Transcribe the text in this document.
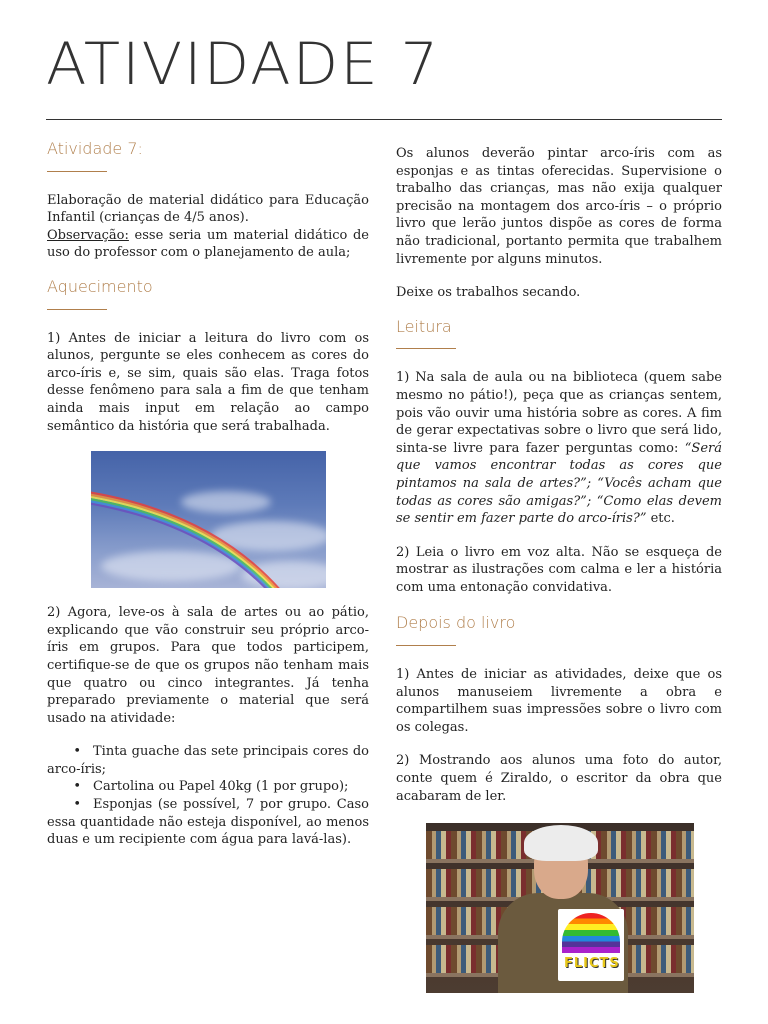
ATIVIDADE 7
Atividade 7:

Elaboração de material didático para Educação Infantil (crianças de 4/5 anos).

Observação: esse seria um material didático de uso do professor com o planejamento de aula;

Aquecimento

1) Antes de iniciar a leitura do livro com os alunos, pergunte se eles conhecem as cores do arco-íris e, se sim, quais são elas. Traga fotos desse fenômeno para sala a fim de que tenham ainda mais input em relação ao campo semântico da história que será trabalhada.

2) Agora, leve-os à sala de artes ou ao pátio, explicando que vão construir seu próprio arco-íris em grupos. Para que todos participem, certifique-se de que os grupos não tenham mais que quatro ou cinco integrantes. Já tenha preparado previamente o material que será usado na atividade:

• Tinta guache das sete principais cores do arco-íris;
• Cartolina ou Papel 40kg (1 por grupo);
• Esponjas (se possível, 7 por grupo. Caso essa quantidade não esteja disponível, ao menos duas e um recipiente com água para lavá-las).

Os alunos deverão pintar arco-íris com as esponjas e as tintas oferecidas. Supervisione o trabalho das crianças, mas não exija qualquer precisão na montagem dos arco-íris – o próprio livro que lerão juntos dispõe as cores de forma não tradicional, portanto permita que trabalhem livremente por alguns minutos.

Deixe os trabalhos secando.

Leitura

1) Na sala de aula ou na biblioteca (quem sabe mesmo no pátio!), peça que as crianças sentem, pois vão ouvir uma história sobre as cores. A fim de gerar expectativas sobre o livro que será lido, sinta-se livre para fazer perguntas como: “Será que vamos encontrar todas as cores que pintamos na sala de artes?”; “Vocês acham que todas as cores são amigas?”; “Como elas devem se sentir em fazer parte do arco-íris?” etc.

2) Leia o livro em voz alta. Não se esqueça de mostrar as ilustrações com calma e ler a história com uma entonação convidativa.

Depois do livro

1) Antes de iniciar as atividades, deixe que os alunos manuseiem livremente a obra e compartilhem suas impressões sobre o livro com os colegas.

2) Mostrando aos alunos uma foto do autor, conte quem é Ziraldo, o escritor da obra que acabaram de ler.

FLICTS
